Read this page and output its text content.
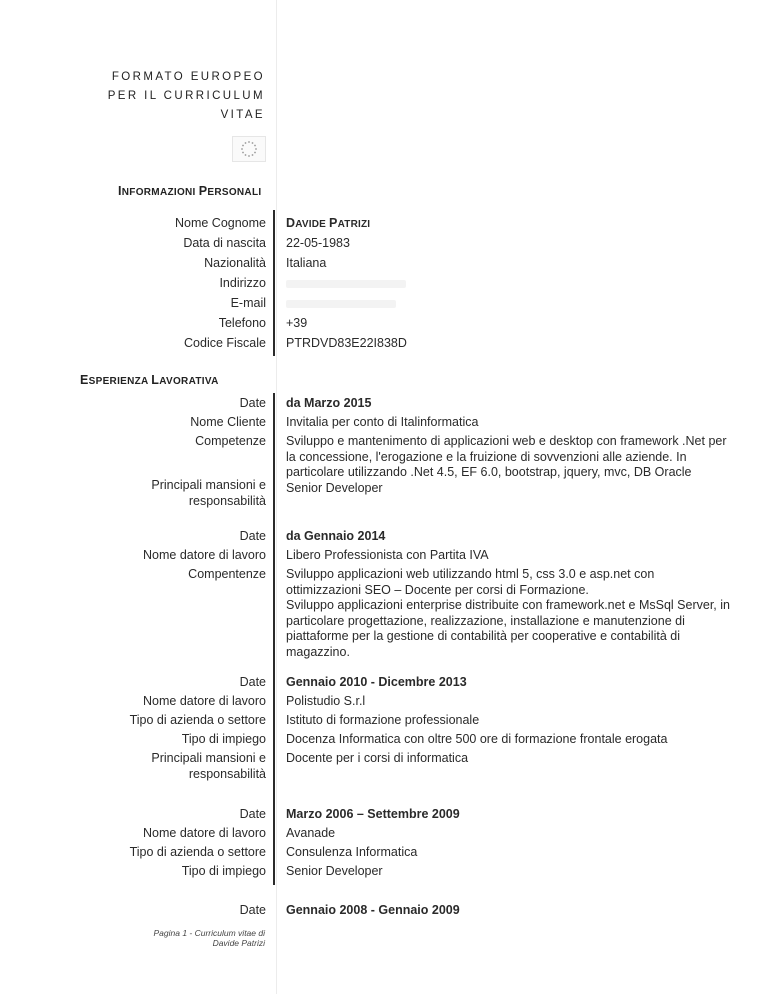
FORMATO EUROPEO
PER IL CURRICULUM
VITAE
INFORMAZIONI PERSONALI
Nome Cognome
Data di nascita
Nazionalità
Indirizzo
E-mail
Telefono
Codice Fiscale
DAVIDE PATRIZI
22-05-1983
Italiana
+39
PTRDVD83E22I838D
ESPERIENZA LAVORATIVA
Date
Nome Cliente
Competenze
Principali mansioni e
responsabilità
da Marzo 2015
Invitalia per conto di Italinformatica
Sviluppo e mantenimento di applicazioni web e desktop con framework .Net per la concessione, l'erogazione e la fruizione di sovvenzioni alle aziende. In particolare utilizzando .Net 4.5, EF 6.0, bootstrap, jquery, mvc, DB Oracle
Senior Developer
Date
Nome datore di lavoro
Compentenze
da Gennaio 2014
Libero Professionista con Partita IVA
Sviluppo applicazioni web utilizzando html 5, css 3.0 e asp.net con ottimizzazioni SEO – Docente per corsi di Formazione.
Sviluppo applicazioni enterprise distribuite con framework.net e MsSql Server, in particolare progettazione, realizzazione, installazione e manutenzione di piattaforme per la gestione di contabilità per cooperative e contabilità di magazzino.
Date
Nome datore di lavoro
Tipo di azienda o settore
Tipo di impiego
Principali mansioni e
responsabilità
Gennaio 2010 - Dicembre 2013
Polistudio S.r.l
Istituto di formazione professionale
Docenza Informatica con oltre 500 ore di formazione frontale erogata
Docente per i corsi di informatica
Date
Nome datore di lavoro
Tipo di azienda o settore
Tipo di impiego
Marzo 2006 – Settembre 2009
Avanade
Consulenza Informatica
Senior Developer
Date Gennaio 2008 - Gennaio 2009
Pagina 1 - Curriculum vitae di
Davide Patrizi
